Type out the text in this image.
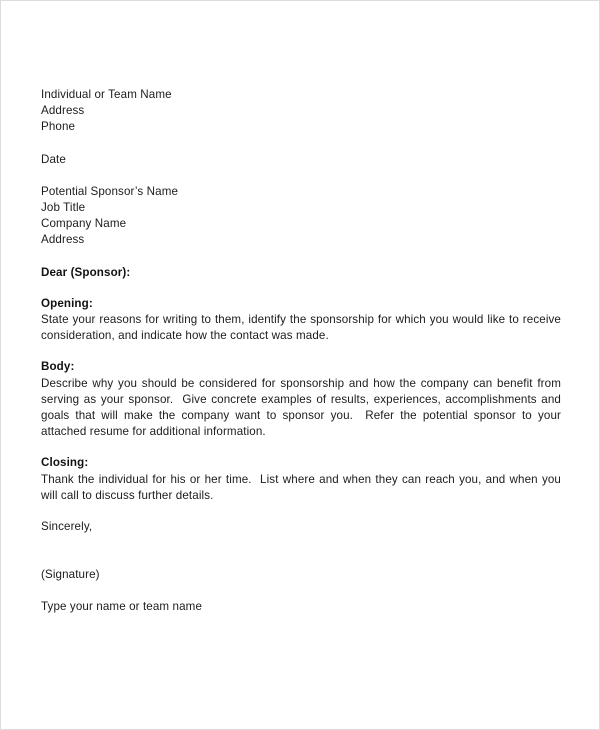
Individual or Team Name
Address
Phone
Date
Potential Sponsor’s Name
Job Title
Company Name
Address
Dear (Sponsor):
Opening:
State your reasons for writing to them, identify the sponsorship for which you would like to receive consideration, and indicate how the contact was made.
Body:
Describe why you should be considered for sponsorship and how the company can benefit from serving as your sponsor.  Give concrete examples of results, experiences, accomplishments and goals that will make the company want to sponsor you.  Refer the potential sponsor to your attached resume for additional information.
Closing:
Thank the individual for his or her time.  List where and when they can reach you, and when you will call to discuss further details.
Sincerely,
(Signature)
Type your name or team name
